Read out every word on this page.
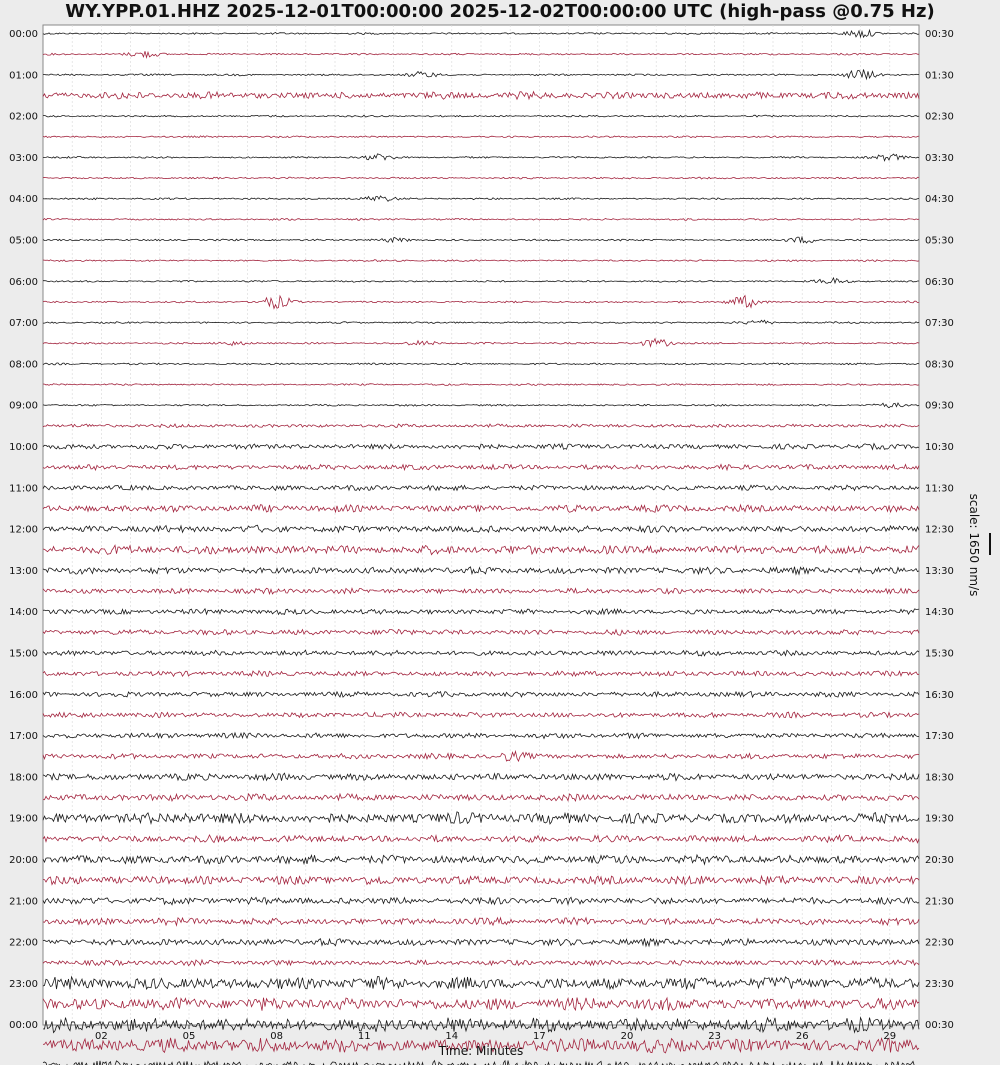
WY.YPP.01.HHZ 2025-12-01T00:00:00 2025-12-02T00:00:00 UTC (high-pass @0.75 Hz)
00:00
01:00
02:00
03:00
04:00
05:00
06:00
07:00
08:00
09:00
10:00
11:00
12:00
13:00
14:00
15:00
16:00
17:00
18:00
19:00
20:00
21:00
22:00
23:00
00:00
00:30
01:30
02:30
03:30
04:30
05:30
06:30
07:30
08:30
09:30
10:30
11:30
12:30
13:30
14:30
15:30
16:30
17:30
18:30
19:30
20:30
21:30
22:30
23:30
00:30
02	05	08	11	14	17	20	23	26	29
Time: Minutes
scale: 1650 nm/s
